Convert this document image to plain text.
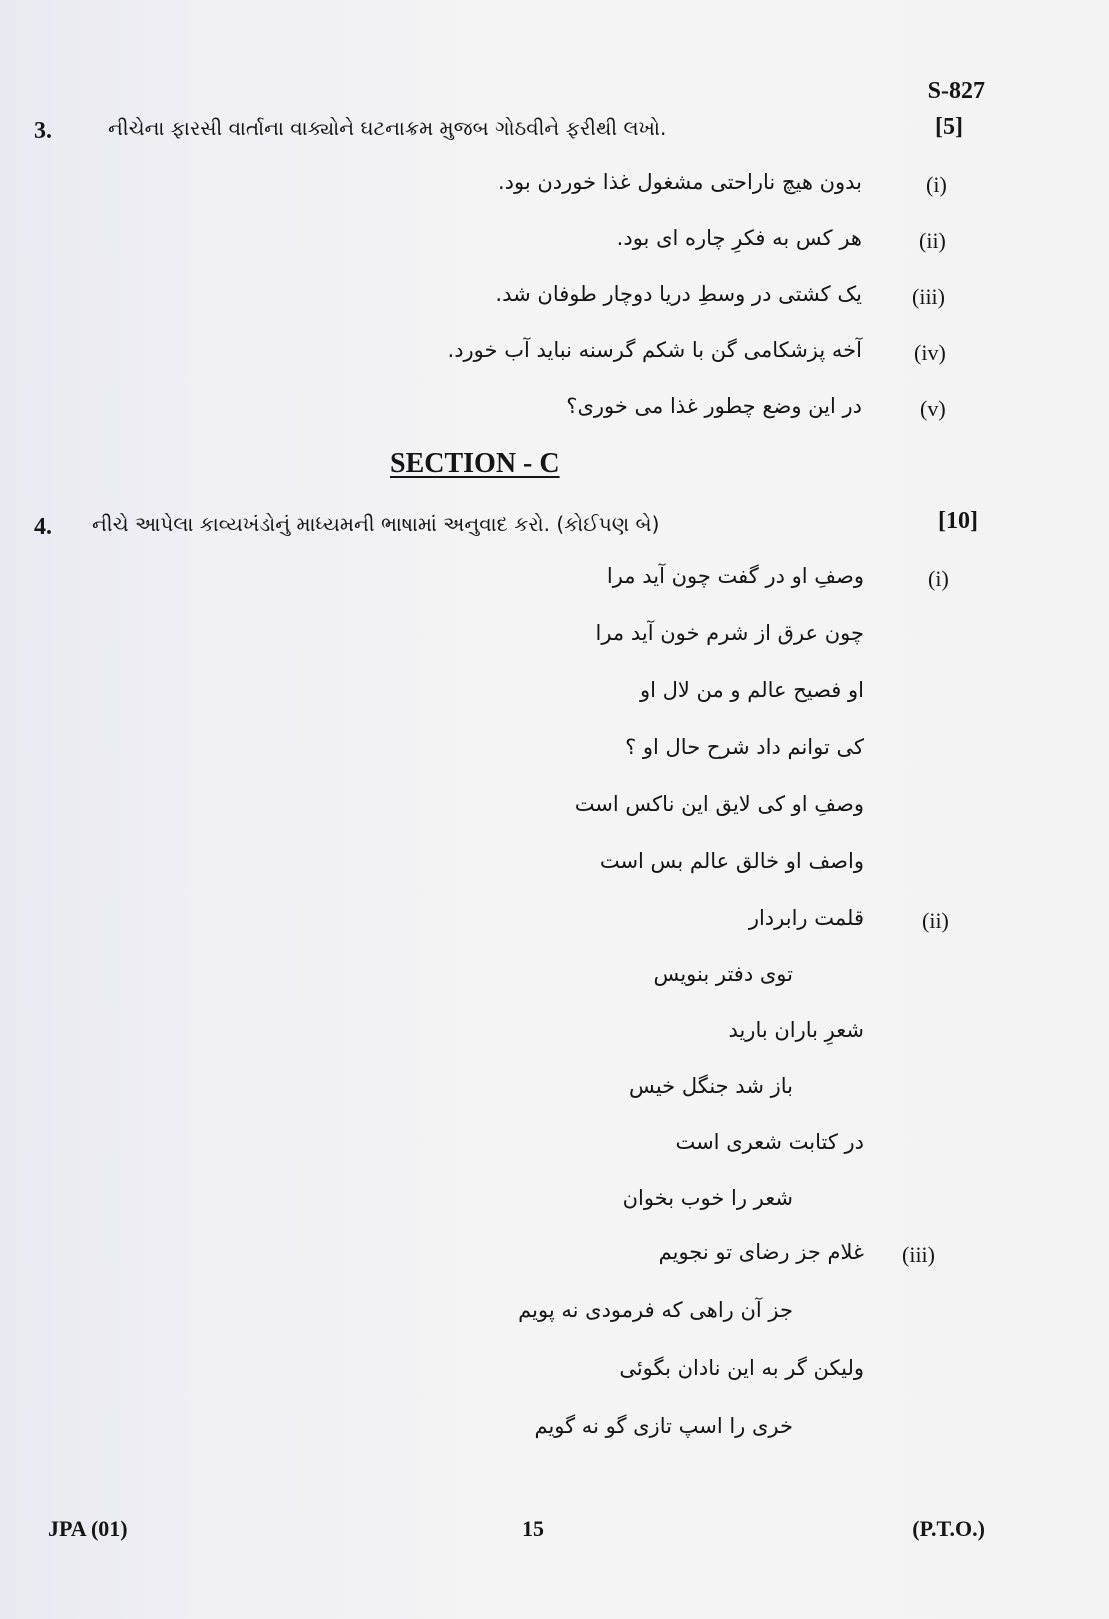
S-827
3.	નીચેના ફારસી વાર્તાના વાક્યોને ઘટનાક્રમ મુજબ ગોઠવીને ફરીથી લખો.	[5]
بدون هیچ ناراحتی مشغول غذا خوردن بود.	(i)
هر کس به فکرِ چاره ای بود.	(ii)
یک کشتی در وسطِ دریا دوچار طوفان شد. (iii)
آخه پزشکامی گن با شکم گرسنه نباید آب خورد. (iv)
در این وضع چطور غذا می خوری؟	(v)
SECTION - C
4. નીચે આપેલા કાવ્યખંડોનું માધ્યમની ભાષામાં અનુવાદ કરો. (કોઈપણ બે)	[10]
(i)
وصفِ او در گفت چون آید مرا
چون عرق از شرم خون آید مرا
او فصیح عالم و من لال او
کی توانم داد شرح حال او ؟
وصفِ او کی لایق این ناکس است
واصف او خالق عالم بس است
(ii)
قلمت رابردار
توی دفتر بنویس
شعرِ باران بارید
باز شد جنگل خیس
در کتابت شعری است
شعر را خوب بخوان
(iii)
غلام جز رضای تو نجویم
جز آن راهی که فرمودی نه پویم
ولیکن گر به این نادان بگوئی
خری را اسپ تازی گو نه گویم
JPA (01)	15	(P.T.O.)
